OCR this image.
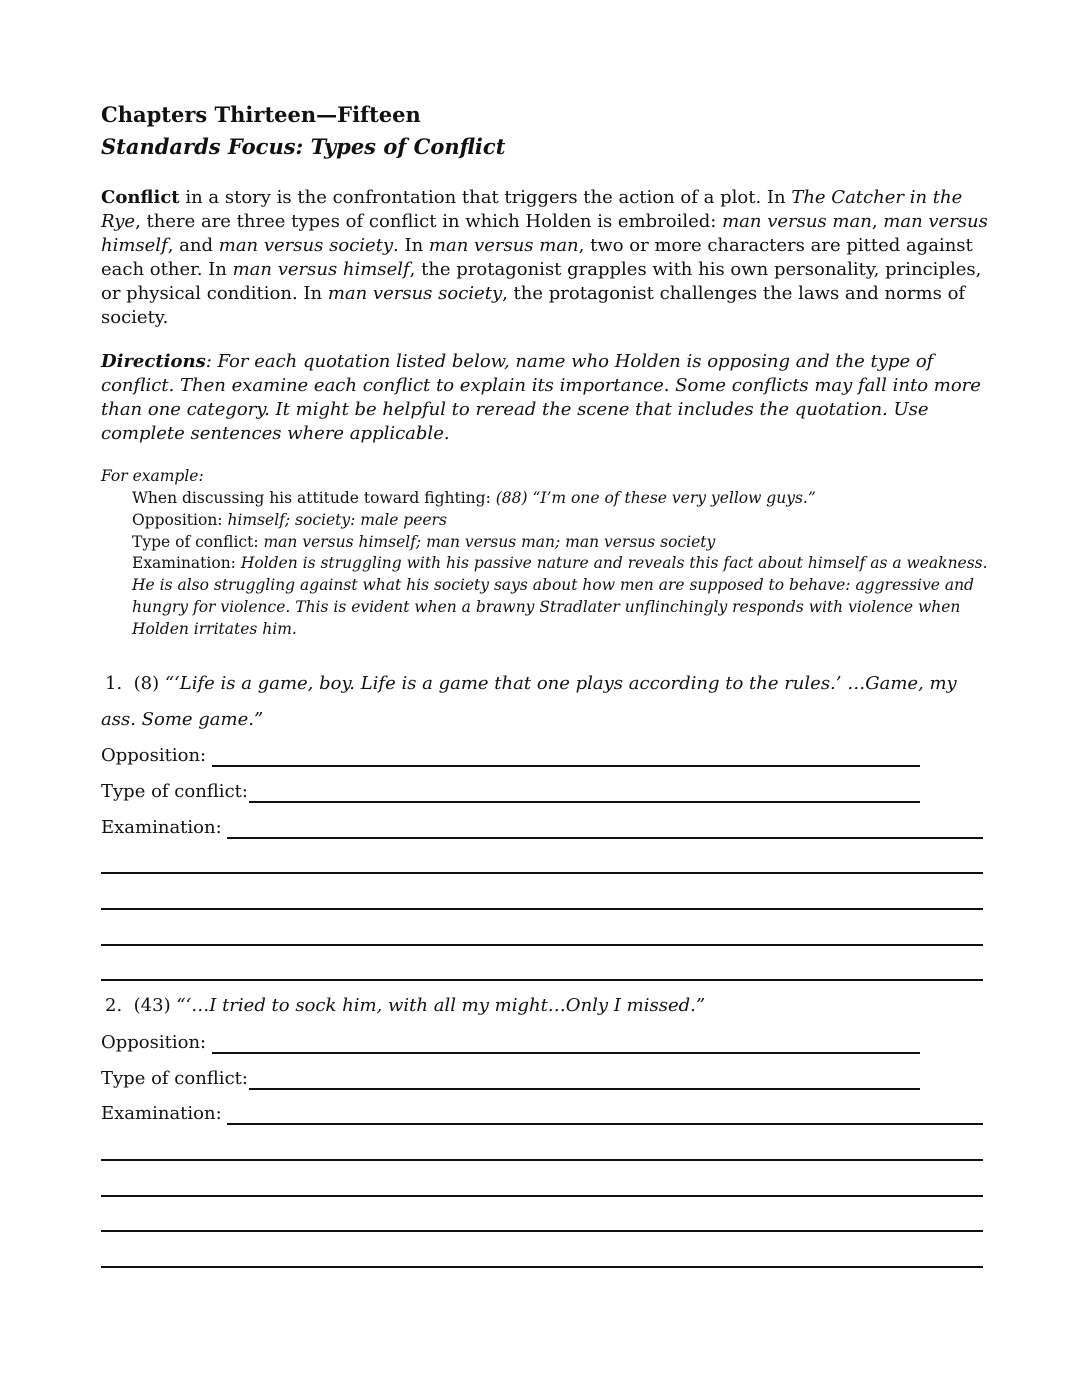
Chapters Thirteen—Fifteen
Standards Focus: Types of Conflict

Conflict in a story is the confrontation that triggers the action of a plot. In The Catcher in the Rye, there are three types of conflict in which Holden is embroiled: man versus man, man versus himself, and man versus society. In man versus man, two or more characters are pitted against each other. In man versus himself, the protagonist grapples with his own personality, principles, or physical condition. In man versus society, the protagonist challenges the laws and norms of society.

Directions: For each quotation listed below, name who Holden is opposing and the type of conflict. Then examine each conflict to explain its importance. Some conflicts may fall into more than one category. It might be helpful to reread the scene that includes the quotation. Use complete sentences where applicable.

For example:
When discussing his attitude toward fighting: (88) “I’m one of these very yellow guys.”
Opposition: himself; society: male peers
Type of conflict: man versus himself; man versus man; man versus society
Examination: Holden is struggling with his passive nature and reveals this fact about himself as a weakness. He is also struggling against what his society says about how men are supposed to behave: aggressive and hungry for violence. This is evident when a brawny Stradlater unflinchingly responds with violence when Holden irritates him.
1. (8) “‘Life is a game, boy. Life is a game that one plays according to the rules.’ …Game, my
ass. Some game.”
Opposition:
Type of conflict:
Examination:
2. (43) “‘…I tried to sock him, with all my might…Only I missed.”
Opposition:
Type of conflict:
Examination:
